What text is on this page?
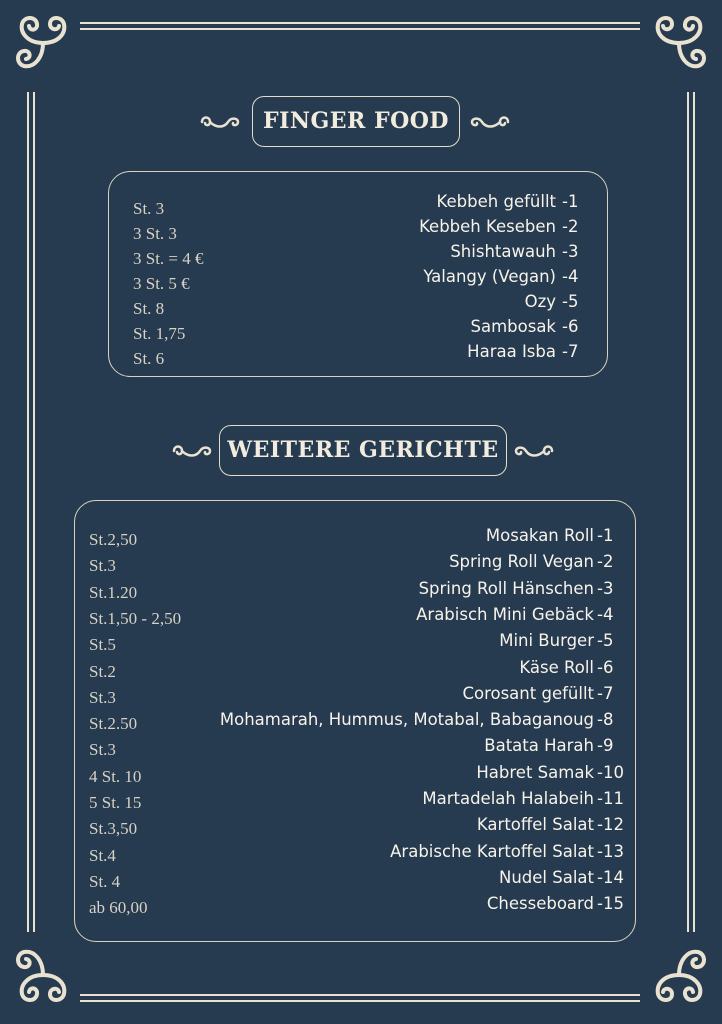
FINGER FOOD
St. 3	Kebbeh gefüllt -1
3 St. 3	Kebbeh Keseben -2
3 St. = 4 €	Shishtawauh -3
3 St. 5 €	Yalangy (Vegan) -4
St. 8	Ozy -5
St. 1,75	Sambosak -6
St. 6	Haraa Isba -7
WEITERE GERICHTE
St.2,50	Mosakan Roll -1
St.3	Spring Roll Vegan -2
St.1.20	Spring Roll Hänschen -3
St.1,50 - 2,50	Arabisch Mini Gebäck -4
St.5	Mini Burger -5
St.2	Käse Roll -6
St.3	Corosant gefüllt -7
St.2.50	Mohamarah, Hummus, Motabal, Babaganoug -8
St.3	Batata Harah -9
4 St. 10	Habret Samak -10
5 St. 15	Martadelah Halabeih -11
St.3,50	Kartoffel Salat -12
St.4	Arabische Kartoffel Salat -13
St. 4	Nudel Salat -14
ab 60,00	Chesseboard -15
